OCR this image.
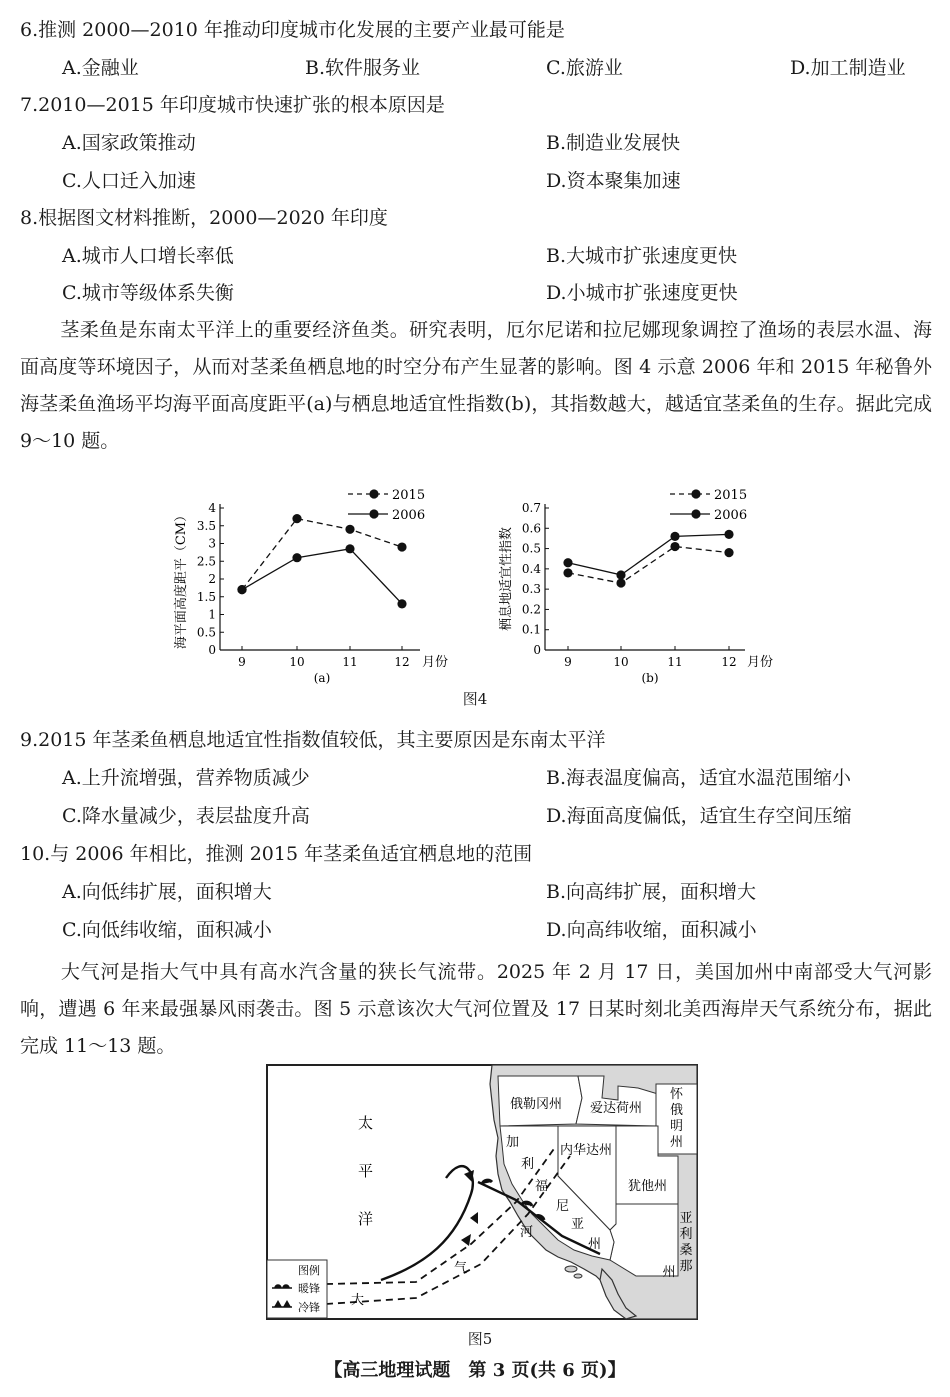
6.推测 2000—2010 年推动印度城市化发展的主要产业最可能是
A.金融业	B.软件服务业	C.旅游业	D.加工制造业
7.2010—2015 年印度城市快速扩张的根本原因是
A.国家政策推动	B.制造业发展快
C.人口迁入加速	D.资本聚集加速
8.根据图文材料推断，2000—2020 年印度
A.城市人口增长率低	B.大城市扩张速度更快
C.城市等级体系失衡	D.小城市扩张速度更快
茎柔鱼是东南太平洋上的重要经济鱼类。研究表明，厄尔尼诺和拉尼娜现象调控了渔场的表层水温、海面高度等环境因子，从而对茎柔鱼栖息地的时空分布产生显著的影响。图 4 示意 2006 年和 2015 年秘鲁外海茎柔鱼渔场平均海平面高度距平(a)与栖息地适宜性指数(b)，其指数越大，越适宜茎柔鱼的生存。据此完成 9～10 题。
0
0.5
1
1.5
2
2.5
3
3.5
4
9	10	11	12 月份
(a)
海平面高度距平（CM）
2015
2006
0
0.1
0.2
0.3
0.4
0.5
0.6
0.7
9	10	11	12 月份
(b)
栖息地适宜性指数
2015
2006
图4
9.2015 年茎柔鱼栖息地适宜性指数值较低，其主要原因是东南太平洋
A.上升流增强，营养物质减少	B.海表温度偏高，适宜水温范围缩小
C.降水量减少，表层盐度升高	D.海面高度偏低，适宜生存空间压缩
10.与 2006 年相比，推测 2015 年茎柔鱼适宜栖息地的范围
A.向低纬扩展，面积增大	B.向高纬扩展，面积增大
C.向低纬收缩，面积减小	D.向高纬收缩，面积减小
大气河是指大气中具有高水汽含量的狭长气流带。2025 年 2 月 17 日，美国加州中南部受大气河影响，遭遇 6 年来最强暴风雨袭击。图 5 示意该次大气河位置及 17 日某时刻北美西海岸天气系统分布，据此完成 11～13 题。
太
平
洋
俄勒冈州 爱达荷州
怀
俄
明
州
内华达州
犹他州
亚
利
桑
那
州
加
利
福
尼
亚
州
大
气
河
图例
暖锋
冷锋
图5
【高三地理试题　第 3 页(共 6 页)】
